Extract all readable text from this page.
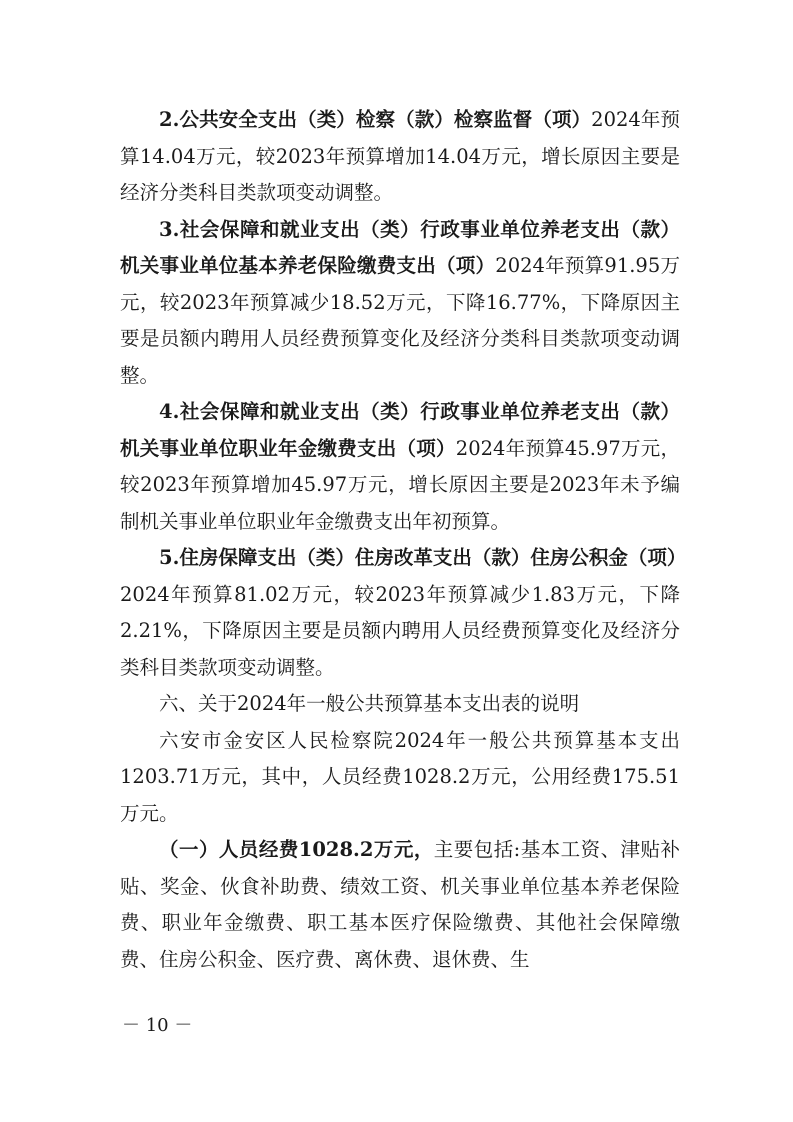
2.公共安全支出（类）检察（款）检察监督（项）2024年预算14.04万元，较2023年预算增加14.04万元，增长原因主要是经济分类科目类款项变动调整。

3.社会保障和就业支出（类）行政事业单位养老支出（款）机关事业单位基本养老保险缴费支出（项）2024年预算91.95万元，较2023年预算减少18.52万元，下降16.77%，下降原因主要是员额内聘用人员经费预算变化及经济分类科目类款项变动调整。

4.社会保障和就业支出（类）行政事业单位养老支出（款）机关事业单位职业年金缴费支出（项）2024年预算45.97万元，较2023年预算增加45.97万元，增长原因主要是2023年未予编制机关事业单位职业年金缴费支出年初预算。

5.住房保障支出（类）住房改革支出（款）住房公积金（项）2024年预算81.02万元，较2023年预算减少1.83万元，下降2.21%，下降原因主要是员额内聘用人员经费预算变化及经济分类科目类款项变动调整。

六、关于2024年一般公共预算基本支出表的说明

六安市金安区人民检察院2024年一般公共预算基本支出1203.71万元，其中，人员经费1028.2万元，公用经费175.51万元。

（一）人员经费1028.2万元，主要包括:基本工资、津贴补贴、奖金、伙食补助费、绩效工资、机关事业单位基本养老保险费、职业年金缴费、职工基本医疗保险缴费、其他社会保障缴费、住房公积金、医疗费、离休费、退休费、生

－ 10 －
